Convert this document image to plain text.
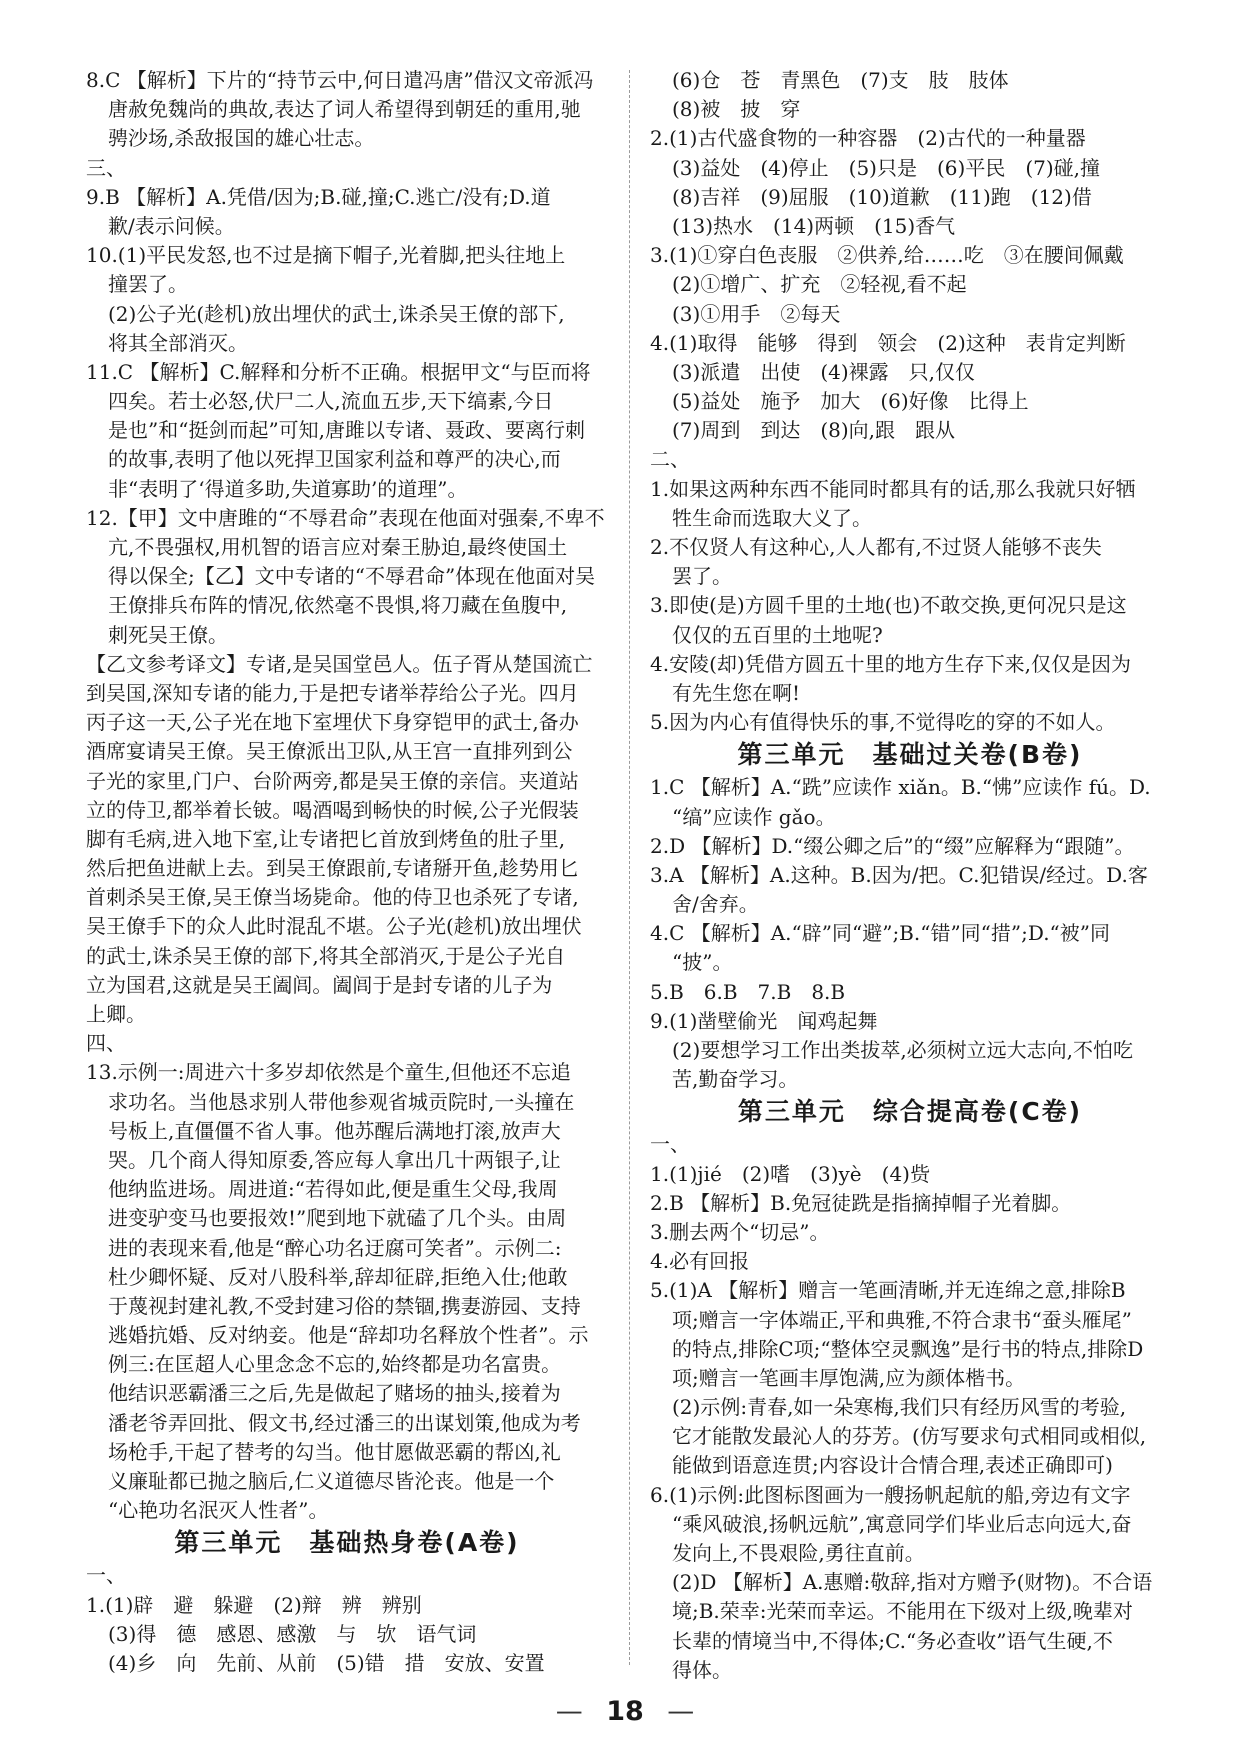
8.C 【解析】下片的“持节云中,何日遣冯唐”借汉文帝派冯
唐赦免魏尚的典故,表达了词人希望得到朝廷的重用,驰
骋沙场,杀敌报国的雄心壮志。
三、
9.B 【解析】A.凭借/因为;B.碰,撞;C.逃亡/没有;D.道
歉/表示问候。
10.(1)平民发怒,也不过是摘下帽子,光着脚,把头往地上
撞罢了。
(2)公子光(趁机)放出埋伏的武士,诛杀吴王僚的部下,
将其全部消灭。
11.C 【解析】C.解释和分析不正确。根据甲文“与臣而将
四矣。若士必怒,伏尸二人,流血五步,天下缟素,今日
是也”和“挺剑而起”可知,唐雎以专诸、聂政、要离行刺
的故事,表明了他以死捍卫国家利益和尊严的决心,而
非“表明了‘得道多助,失道寡助’的道理”。
12.【甲】文中唐雎的“不辱君命”表现在他面对强秦,不卑不
亢,不畏强权,用机智的语言应对秦王胁迫,最终使国土
得以保全;【乙】文中专诸的“不辱君命”体现在他面对吴
王僚排兵布阵的情况,依然毫不畏惧,将刀藏在鱼腹中,
刺死吴王僚。
【乙文参考译文】专诸,是吴国堂邑人。伍子胥从楚国流亡
到吴国,深知专诸的能力,于是把专诸举荐给公子光。四月
丙子这一天,公子光在地下室埋伏下身穿铠甲的武士,备办
酒席宴请吴王僚。吴王僚派出卫队,从王宫一直排列到公
子光的家里,门户、台阶两旁,都是吴王僚的亲信。夹道站
立的侍卫,都举着长铍。喝酒喝到畅快的时候,公子光假装
脚有毛病,进入地下室,让专诸把匕首放到烤鱼的肚子里,
然后把鱼进献上去。到吴王僚跟前,专诸掰开鱼,趁势用匕
首刺杀吴王僚,吴王僚当场毙命。他的侍卫也杀死了专诸,
吴王僚手下的众人此时混乱不堪。公子光(趁机)放出埋伏
的武士,诛杀吴王僚的部下,将其全部消灭,于是公子光自
立为国君,这就是吴王阖闾。阖闾于是封专诸的儿子为
上卿。
四、
13.示例一:周进六十多岁却依然是个童生,但他还不忘追
求功名。当他恳求别人带他参观省城贡院时,一头撞在
号板上,直僵僵不省人事。他苏醒后满地打滚,放声大
哭。几个商人得知原委,答应每人拿出几十两银子,让
他纳监进场。周进道:“若得如此,便是重生父母,我周
进变驴变马也要报效!”爬到地下就磕了几个头。由周
进的表现来看,他是“醉心功名迂腐可笑者”。示例二:
杜少卿怀疑、反对八股科举,辞却征辟,拒绝入仕;他敢
于蔑视封建礼教,不受封建习俗的禁锢,携妻游园、支持
逃婚抗婚、反对纳妾。他是“辞却功名释放个性者”。示
例三:在匡超人心里念念不忘的,始终都是功名富贵。
他结识恶霸潘三之后,先是做起了赌场的抽头,接着为
潘老爷弄回批、假文书,经过潘三的出谋划策,他成为考
场枪手,干起了替考的勾当。他甘愿做恶霸的帮凶,礼
义廉耻都已抛之脑后,仁义道德尽皆沦丧。他是一个
“心艳功名泯灭人性者”。
第三单元　基础热身卷(A卷)
一、
1.(1)辟　避　躲避　(2)辩　辨　辨别
(3)得　德　感恩、感激　与　欤　语气词
(4)乡　向　先前、从前　(5)错　措　安放、安置
(6)仓　苍　青黑色　(7)支　肢　肢体
(8)被　披　穿
2.(1)古代盛食物的一种容器　(2)古代的一种量器
(3)益处　(4)停止　(5)只是　(6)平民　(7)碰,撞
(8)吉祥　(9)屈服　(10)道歉　(11)跑　(12)借
(13)热水　(14)两顿　(15)香气
3.(1)①穿白色丧服　②供养,给……吃　③在腰间佩戴
(2)①增广、扩充　②轻视,看不起
(3)①用手　②每天
4.(1)取得　能够　得到　领会　(2)这种　表肯定判断
(3)派遣　出使　(4)裸露　只,仅仅
(5)益处　施予　加大　(6)好像　比得上
(7)周到　到达　(8)向,跟　跟从
二、
1.如果这两种东西不能同时都具有的话,那么我就只好牺
牲生命而选取大义了。
2.不仅贤人有这种心,人人都有,不过贤人能够不丧失
罢了。
3.即使(是)方圆千里的土地(也)不敢交换,更何况只是这
仅仅的五百里的土地呢?
4.安陵(却)凭借方圆五十里的地方生存下来,仅仅是因为
有先生您在啊!
5.因为内心有值得快乐的事,不觉得吃的穿的不如人。
第三单元　基础过关卷(B卷)
1.C 【解析】A.“跣”应读作 xiǎn。B.“怫”应读作 fú。D.
“缟”应读作 gǎo。
2.D 【解析】D.“缀公卿之后”的“缀”应解释为“跟随”。
3.A 【解析】A.这种。B.因为/把。C.犯错误/经过。D.客
舍/舍弃。
4.C 【解析】A.“辟”同“避”;B.“错”同“措”;D.“被”同
“披”。
5.B　6.B　7.B　8.B
9.(1)凿壁偷光　闻鸡起舞
(2)要想学习工作出类拔萃,必须树立远大志向,不怕吃
苦,勤奋学习。
第三单元　综合提高卷(C卷)
一、
1.(1)jié　(2)嗜　(3)yè　(4)赀
2.B 【解析】B.免冠徒跣是指摘掉帽子光着脚。
3.删去两个“切忌”。
4.必有回报
5.(1)A 【解析】赠言一笔画清晰,并无连绵之意,排除B
项;赠言一字体端正,平和典雅,不符合隶书“蚕头雁尾”
的特点,排除C项;“整体空灵飘逸”是行书的特点,排除D
项;赠言一笔画丰厚饱满,应为颜体楷书。
(2)示例:青春,如一朵寒梅,我们只有经历风雪的考验,
它才能散发最沁人的芬芳。(仿写要求句式相同或相似,
能做到语意连贯;内容设计合情合理,表述正确即可)
6.(1)示例:此图标图画为一艘扬帆起航的船,旁边有文字
“乘风破浪,扬帆远航”,寓意同学们毕业后志向远大,奋
发向上,不畏艰险,勇往直前。
(2)D 【解析】A.惠赠:敬辞,指对方赠予(财物)。不合语
境;B.荣幸:光荣而幸运。不能用在下级对上级,晚辈对
长辈的情境当中,不得体;C.“务必查收”语气生硬,不
得体。
— 18 —
